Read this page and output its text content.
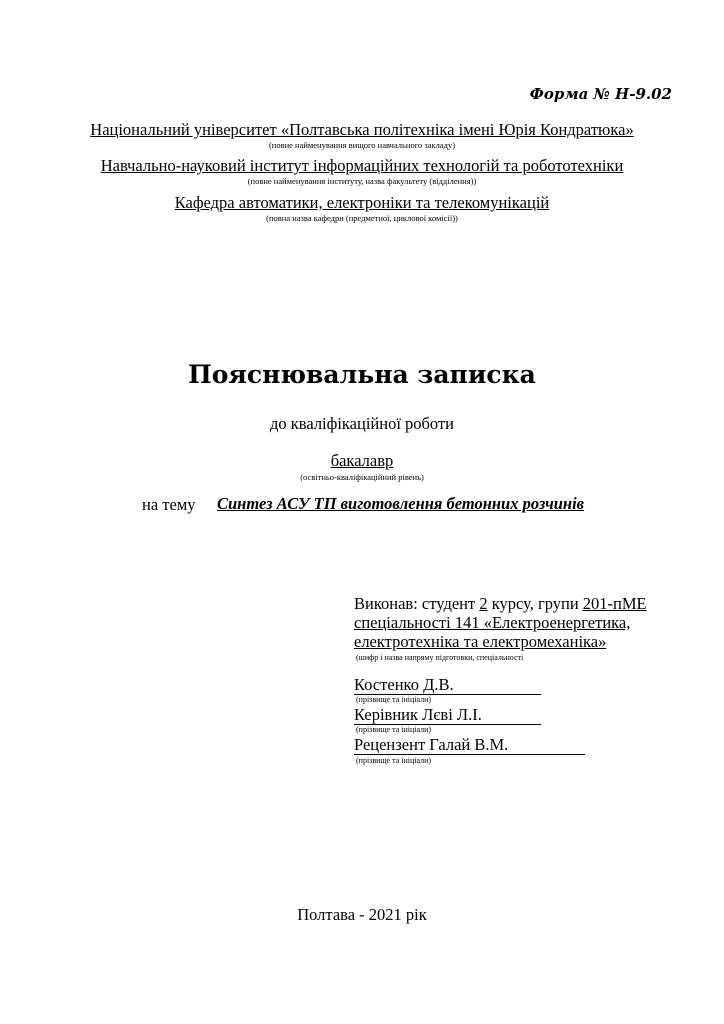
Форма № Н-9.02
Національний університет «Полтавська політехніка імені Юрія Кондратюка»
(повне найменування вищого навчального закладу)
Навчально-науковий інститут інформаційних технологій та робототехніки
(повне найменування інституту, назва факультету (відділення))
Кафедра автоматики, електроніки та телекомунікацій
(повна назва кафедри (предметної, циклової комісії))
Пояснювальна записка
до кваліфікаційної роботи
бакалавр
(освітньо-кваліфікаційний рівень)
на тему Синтез АСУ ТП виготовлення бетонних розчинів
Виконав: студент 2 курсу, групи 201-пМЕ
спеціальності 141 «Електроенергетика,
електротехніка та електромеханіка»
(шифр і назва напряму підготовки, спеціальності
Костенко Д.В.
(прізвище та ініціали)
Керівник Лєві Л.І.
(прізвище та ініціали)
Рецензент Галай В.М.
(прізвище та ініціали)
Полтава - 2021 рік
